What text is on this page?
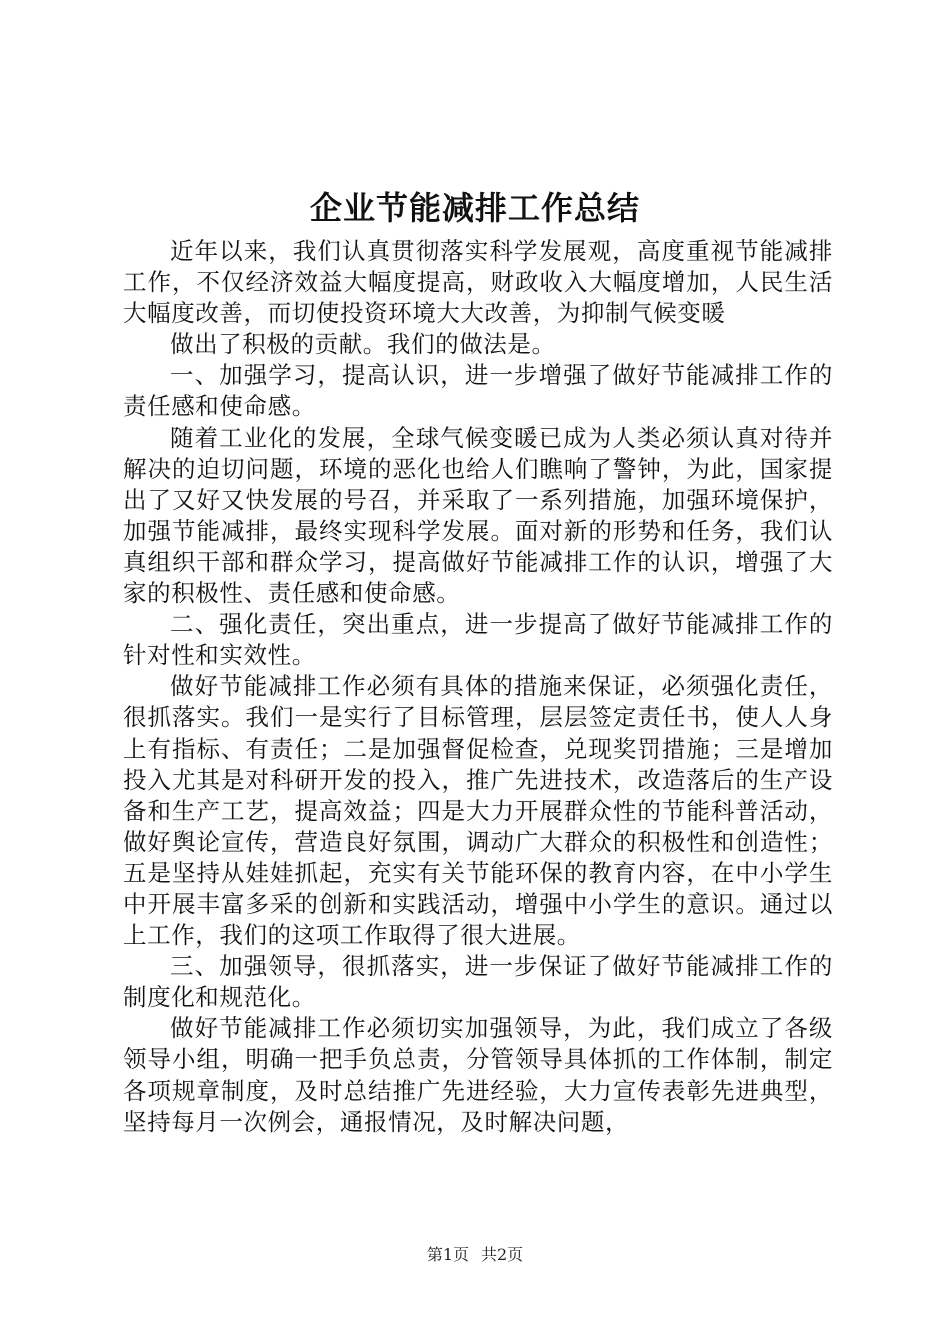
企业节能减排工作总结

近年以来，我们认真贯彻落实科学发展观，高度重视节能减排工作，不仅经济效益大幅度提高，财政收入大幅度增加，人民生活大幅度改善，而切使投资环境大大改善，为抑制气候变暖

做出了积极的贡献。我们的做法是。

一、加强学习，提高认识，进一步增强了做好节能减排工作的责任感和使命感。

随着工业化的发展，全球气候变暖已成为人类必须认真对待并解决的迫切问题，环境的恶化也给人们瞧响了警钟，为此，国家提出了又好又快发展的号召，并采取了一系列措施，加强环境保护，加强节能减排，最终实现科学发展。面对新的形势和任务，我们认真组织干部和群众学习，提高做好节能减排工作的认识，增强了大家的积极性、责任感和使命感。

二、强化责任，突出重点，进一步提高了做好节能减排工作的针对性和实效性。

做好节能减排工作必须有具体的措施来保证，必须强化责任，很抓落实。我们一是实行了目标管理，层层签定责任书，使人人身上有指标、有责任；二是加强督促检查，兑现奖罚措施；三是增加投入尤其是对科研开发的投入，推广先进技术，改造落后的生产设备和生产工艺，提高效益；四是大力开展群众性的节能科普活动，做好舆论宣传，营造良好氛围，调动广大群众的积极性和创造性；五是坚持从娃娃抓起，充实有关节能环保的教育内容，在中小学生中开展丰富多采的创新和实践活动，增强中小学生的意识。通过以上工作，我们的这项工作取得了很大进展。

三、加强领导，很抓落实，进一步保证了做好节能减排工作的制度化和规范化。

做好节能减排工作必须切实加强领导，为此，我们成立了各级领导小组，明确一把手负总责，分管领导具体抓的工作体制，制定各项规章制度，及时总结推广先进经验，大力宣传表彰先进典型，坚持每月一次例会，通报情况，及时解决问题，

第1页 共2页
